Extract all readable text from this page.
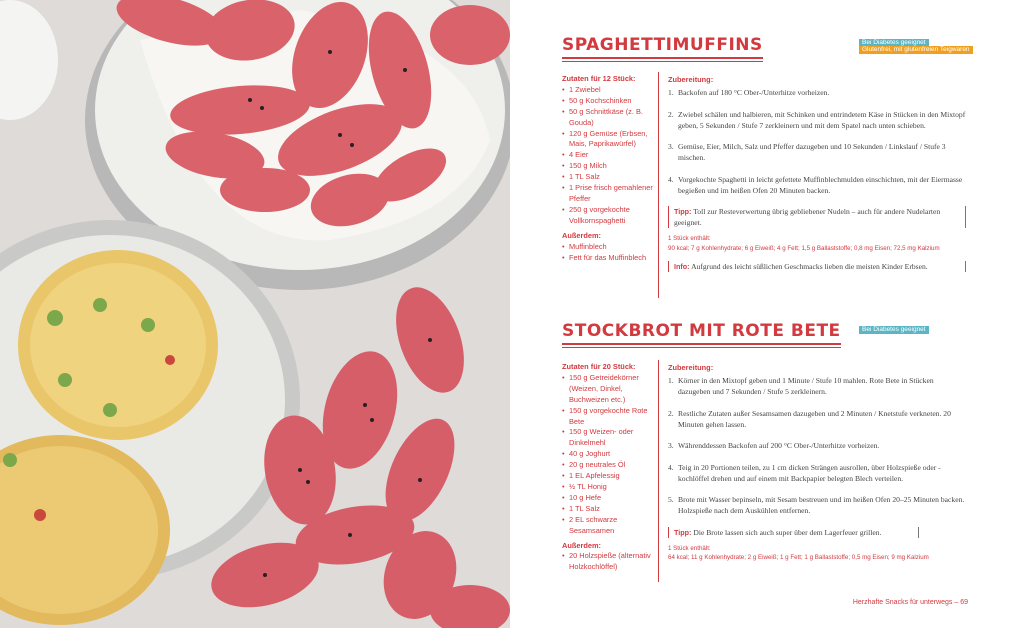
SPAGHETTIMUFFINS	Bei Diabetes geeignet
Glutenfrei, mit glutenfreien Teigwaren
Zutaten für 12 Stück:
• 1 Zwiebel
• 50 g Kochschinken
• 50 g Schnittkäse (z. B. Gouda)
• 120 g Gemüse (Erbsen, Mais, Paprikawürfel)
• 4 Eier
• 150 g Milch
• 1 TL Salz
• 1 Prise frisch gemahlener Pfeffer
• 250 g vorgekochte Vollkornspaghetti
Außerdem:
• Muffinblech
• Fett für das Muffinblech
Zubereitung:
1. Backofen auf 180 °C Ober-/Unterhitze vorheizen.
2. Zwiebel schälen und halbieren, mit Schinken und entrindetem Käse in Stücken in den Mixtopf geben, 5 Sekunden / Stufe 7 zerkleinern und mit dem Spatel nach unten schieben.
3. Gemüse, Eier, Milch, Salz und Pfeffer dazugeben und 10 Sekunden / Linkslauf / Stufe 3 mischen.
4. Vorgekochte Spaghetti in leicht gefettete Muffinblechmulden einschichten, mit der Eiermasse begießen und im heißen Ofen 20 Minuten backen.
Tipp: Toll zur Resteverwertung übrig gebliebener Nudeln – auch für andere Nudelarten geeignet.
1 Stück enthält:
90 kcal; 7 g Kohlenhydrate; 6 g Eiweiß; 4 g Fett; 1,5 g Ballaststoffe; 0,8 mg Eisen; 72,5 mg Kalzium
Info: Aufgrund des leicht süßlichen Geschmacks lieben die meisten Kinder Erbsen.
STOCKBROT MIT ROTE BETE	Bei Diabetes geeignet
Zutaten für 20 Stück:
• 150 g Getreidekörner (Weizen, Dinkel, Buchweizen etc.)
• 150 g vorgekochte Rote Bete
• 150 g Weizen- oder Dinkelmehl
• 40 g Joghurt
• 20 g neutrales Öl
• 1 EL Apfelessig
• ½ TL Honig
• 10 g Hefe
• 1 TL Salz
• 2 EL schwarze Sesamsamen
Außerdem:
• 20 Holzspieße (alternativ Holzkochlöffel)
Zubereitung:
1. Körner in den Mixtopf geben und 1 Minute / Stufe 10 mahlen. Rote Bete in Stücken dazugeben und 7 Sekunden / Stufe 5 zerkleinern.
2. Restliche Zutaten außer Sesamsamen dazugeben und 2 Minuten / Knetstufe verkneten. 20 Minuten gehen lassen.
3. Währenddessen Backofen auf 200 °C Ober-/Unterhitze vorheizen.
4. Teig in 20 Portionen teilen, zu 1 cm dicken Strängen ausrollen, über Holzspieße oder -kochlöffel drehen und auf einem mit Backpapier belegten Blech verteilen.
5. Brote mit Wasser bepinseln, mit Sesam bestreuen und im heißen Ofen 20–25 Minuten backen. Holzspieße nach dem Auskühlen entfernen.
Tipp: Die Brote lassen sich auch super über dem Lagerfeuer grillen.
1 Stück enthält:
64 kcal; 11 g Kohlenhydrate; 2 g Eiweiß; 1 g Fett; 1 g Ballaststoffe; 0,5 mg Eisen; 9 mg Kalzium
Herzhafte Snacks für unterwegs – 69
